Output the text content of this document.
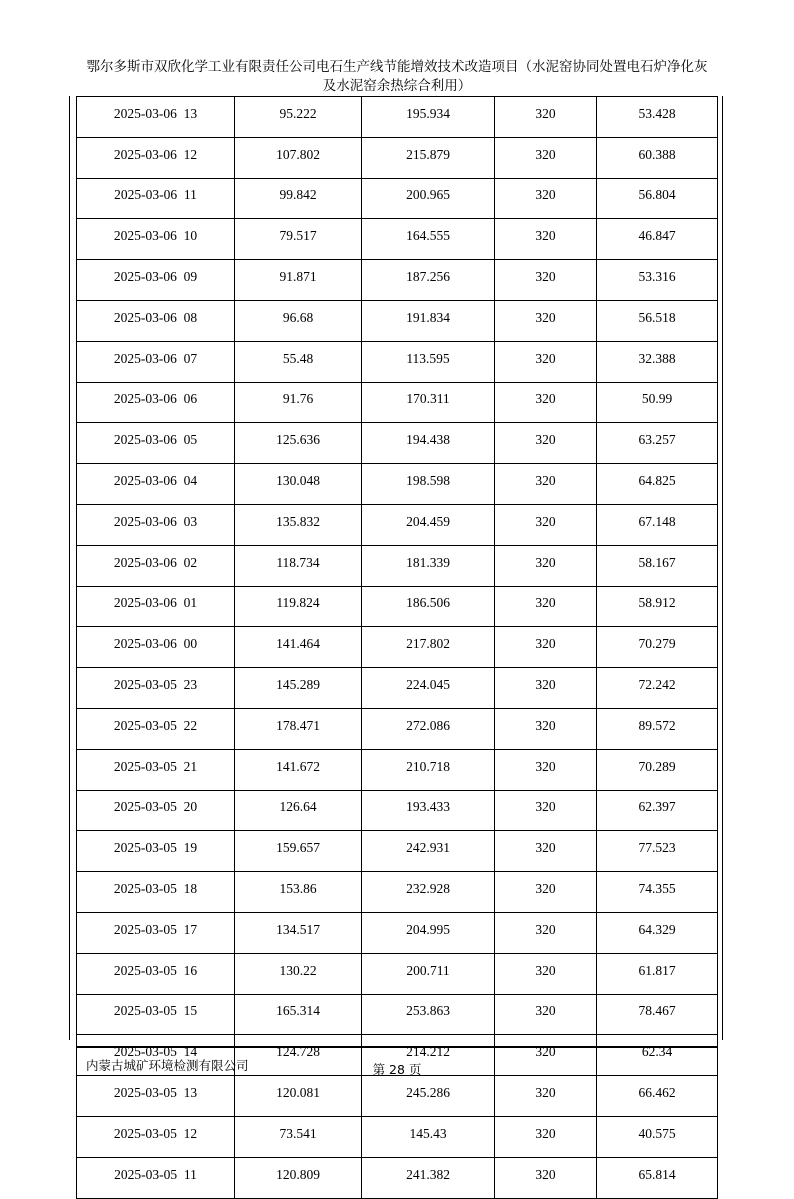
鄂尔多斯市双欣化学工业有限责任公司电石生产线节能增效技术改造项目（水泥窑协同处置电石炉净化灰
及水泥窑余热综合利用）
2025-03-06  13	95.222	195.934	320	53.428
2025-03-06  12	107.802	215.879	320	60.388
2025-03-06  11	99.842	200.965	320	56.804
2025-03-06  10	79.517	164.555	320	46.847
2025-03-06  09	91.871	187.256	320	53.316
2025-03-06  08	96.68	191.834	320	56.518
2025-03-06  07	55.48	113.595	320	32.388
2025-03-06  06	91.76	170.311	320	50.99
2025-03-06  05	125.636	194.438	320	63.257
2025-03-06  04	130.048	198.598	320	64.825
2025-03-06  03	135.832	204.459	320	67.148
2025-03-06  02	118.734	181.339	320	58.167
2025-03-06  01	119.824	186.506	320	58.912
2025-03-06  00	141.464	217.802	320	70.279
2025-03-05  23	145.289	224.045	320	72.242
2025-03-05  22	178.471	272.086	320	89.572
2025-03-05  21	141.672	210.718	320	70.289
2025-03-05  20	126.64	193.433	320	62.397
2025-03-05  19	159.657	242.931	320	77.523
2025-03-05  18	153.86	232.928	320	74.355
2025-03-05  17	134.517	204.995	320	64.329
2025-03-05  16	130.22	200.711	320	61.817
2025-03-05  15	165.314	253.863	320	78.467
2025-03-05  14	124.728	214.212	320	62.34
2025-03-05  13	120.081	245.286	320	66.462
2025-03-05  12	73.541	145.43	320	40.575
2025-03-05  11	120.809	241.382	320	65.814
内蒙古城矿环境检测有限公司	第 28 页
